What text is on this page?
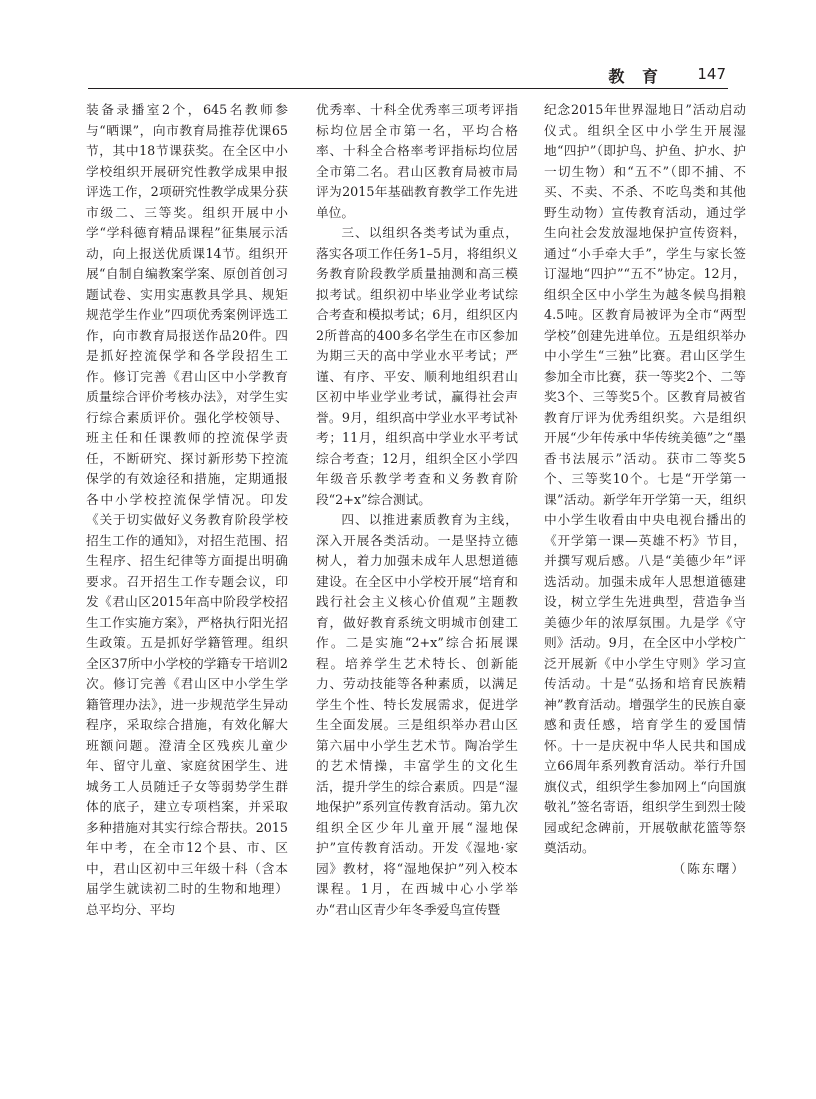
教 育 147

装备录播室2个，645名教师参与“晒课”，向市教育局推荐优课65节，其中18节课获奖。在全区中小学校组织开展研究性教学成果申报评选工作，2项研究性教学成果分获市级二、三等奖。组织开展中小学“学科德育精品课程”征集展示活动，向上报送优质课14节。组织开展“自制自编教案学案、原创首创习题试卷、实用实惠教具学具、规矩规范学生作业”四项优秀案例评选工作，向市教育局报送作品20件。四是抓好控流保学和各学段招生工作。修订完善《君山区中小学教育质量综合评价考核办法》，对学生实行综合素质评价。强化学校领导、班主任和任课教师的控流保学责任，不断研究、探讨新形势下控流保学的有效途径和措施，定期通报各中小学校控流保学情况。印发《关于切实做好义务教育阶段学校招生工作的通知》，对招生范围、招生程序、招生纪律等方面提出明确要求。召开招生工作专题会议，印发《君山区2015年高中阶段学校招生工作实施方案》，严格执行阳光招生政策。五是抓好学籍管理。组织全区37所中小学校的学籍专干培训2次。修订完善《君山区中小学生学籍管理办法》，进一步规范学生异动程序，采取综合措施，有效化解大班额问题。澄清全区残疾儿童少年、留守儿童、家庭贫困学生、进城务工人员随迁子女等弱势学生群体的底子，建立专项档案，并采取多种措施对其实行综合帮扶。2015年中考，在全市12个县、市、区中，君山区初中三年级十科（含本届学生就读初二时的生物和地理）总平均分、平均

优秀率、十科全优秀率三项考评指标均位居全市第一名，平均合格率、十科全合格率考评指标均位居全市第二名。君山区教育局被市局评为2015年基础教育教学工作先进单位。

三、以组织各类考试为重点，落实各项工作任务1–5月，将组织义务教育阶段教学质量抽测和高三模拟考试。组织初中毕业学业考试综合考查和模拟考试；6月，组织区内2所普高的400多名学生在市区参加为期三天的高中学业水平考试；严谨、有序、平安、顺利地组织君山区初中毕业学业考试，赢得社会声誉。9月，组织高中学业水平考试补考；11月，组织高中学业水平考试综合考查；12月，组织全区小学四年级音乐教学考查和义务教育阶段“2+x”综合测试。

四、以推进素质教育为主线，深入开展各类活动。一是坚持立德树人，着力加强未成年人思想道德建设。在全区中小学校开展“培育和践行社会主义核心价值观”主题教育，做好教育系统文明城市创建工作。二是实施“2+x”综合拓展课程。培养学生艺术特长、创新能力、劳动技能等各种素质，以满足学生个性、特长发展需求，促进学生全面发展。三是组织举办君山区第六届中小学生艺术节。陶冶学生的艺术情操，丰富学生的文化生活，提升学生的综合素质。四是“湿地保护”系列宣传教育活动。第九次组织全区少年儿童开展“湿地保护”宣传教育活动。开发《湿地·家园》教材，将“湿地保护”列入校本课程。1月，在西城中心小学举办“君山区青少年冬季爱鸟宣传暨

纪念2015年世界湿地日”活动启动仪式。组织全区中小学生开展湿地“四护”（即护鸟、护鱼、护水、护一切生物）和“五不”（即不捕、不买、不卖、不杀、不吃鸟类和其他野生动物）宣传教育活动，通过学生向社会发放湿地保护宣传资料，通过“小手牵大手”，学生与家长签订湿地“四护”“五不”协定。12月，组织全区中小学生为越冬候鸟捐粮4.5吨。区教育局被评为全市“两型学校”创建先进单位。五是组织举办中小学生“三独”比赛。君山区学生参加全市比赛，获一等奖2个、二等奖3个、三等奖5个。区教育局被省教育厅评为优秀组织奖。六是组织开展“少年传承中华传统美德”之“墨香书法展示”活动。获市二等奖5个、三等奖10个。七是“开学第一课”活动。新学年开学第一天，组织中小学生收看由中央电视台播出的《开学第一课—英雄不朽》节目，并撰写观后感。八是“美德少年”评选活动。加强未成年人思想道德建设，树立学生先进典型，营造争当美德少年的浓厚氛围。九是学《守则》活动。9月，在全区中小学校广泛开展新《中小学生守则》学习宣传活动。十是“弘扬和培育民族精神”教育活动。增强学生的民族自豪感和责任感，培育学生的爱国情怀。十一是庆祝中华人民共和国成立66周年系列教育活动。举行升国旗仪式，组织学生参加网上“向国旗敬礼”签名寄语，组织学生到烈士陵园或纪念碑前，开展敬献花篮等祭奠活动。

（陈东曙）
